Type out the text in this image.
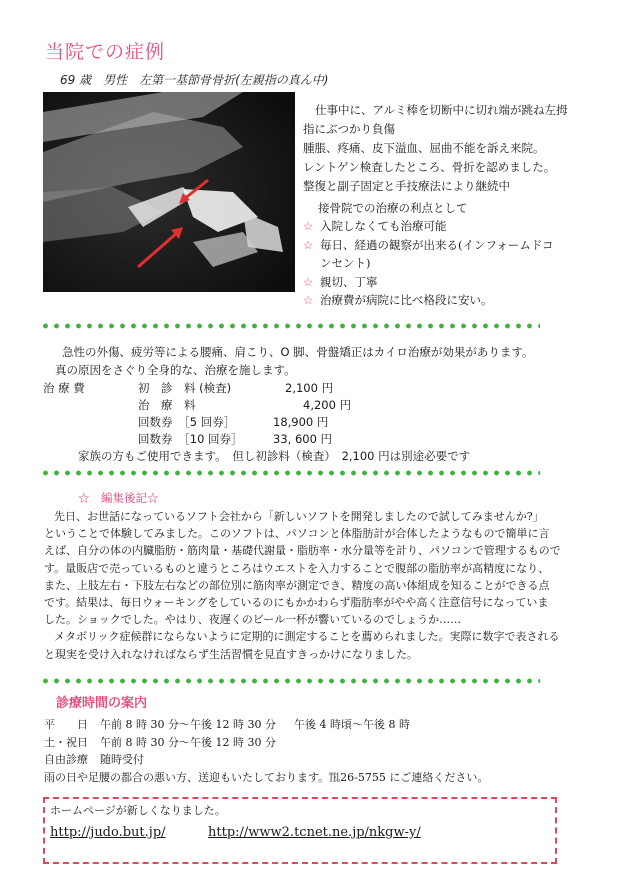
当院での症例
69 歳　男性　左第一基節骨骨折(左親指の真ん中)
仕事中に、アルミ棒を切断中に切れ端が跳ね左拇
指にぶつかり負傷
腫脹、疼痛、皮下溢血、屈曲不能を訴え来院。
レントゲン検査したところ、骨折を認めました。
整復と副子固定と手技療法により継続中
接骨院での治療の利点として
☆ 入院しなくても治療可能
☆ 毎日、経過の観察が出来る(インフォームドコ
ンセント)
☆ 親切、丁寧
☆ 治療費が病院に比べ格段に安い。
急性の外傷、疲労等による腰痛、肩こり、O 脚、骨盤矯正はカイロ治療が効果があります。
真の原因をさぐり全身的な、治療を施します。
治 療 費	初　診　料 (検査)	2,100 円
治　療　料	4,200 円
回数券　［5 回券］	18,900 円
回数券　［10 回券］	33, 600 円
家族の方もご使用できます。　但し初診料（検査）　2,100 円は別途必要です
☆　編集後記☆
先日、お世話になっているソフト会社から「新しいソフトを開発しましたので試してみませんか?」
ということで体験してみました。このソフトは、パソコンと体脂肪計が合体したようなもので簡単に言
えば、自分の体の内臓脂肪・筋肉量・基礎代謝量・脂肪率・水分量等を計り、パソコンで管理するもので
す。量販店で売っているものと違うところはウエストを入力することで腹部の脂肪率が高精度になり、
また、上肢左右・下肢左右などの部位別に筋肉率が測定でき、精度の高い体組成を知ることができる点
です。結果は、毎日ウォーキングをしているのにもかかわらず脂肪率がやや高く注意信号になっていま
した。ショックでした。やはり、夜遅くのビール一杯が響いているのでしょうか……
メタボリック症候群にならないように定期的に測定することを薦められました。実際に数字で表される
と現実を受け入れなければならず生活習慣を見直すきっかけになりました。
診療時間の案内
平　　日 午前 8 時 30 分～午後 12 時 30 分 午後 4 時頃～午後 8 時
土・祝日 午前 8 時 30 分～午後 12 時 30 分
自由診療 随時受付
雨の日や足腰の都合の悪い方、送迎もいたしております。℡26-5755 にご連絡ください。
ホームページが新しくなりました。
http://judo.but.jp/	http://www2.tcnet.ne.jp/nkgw-y/
